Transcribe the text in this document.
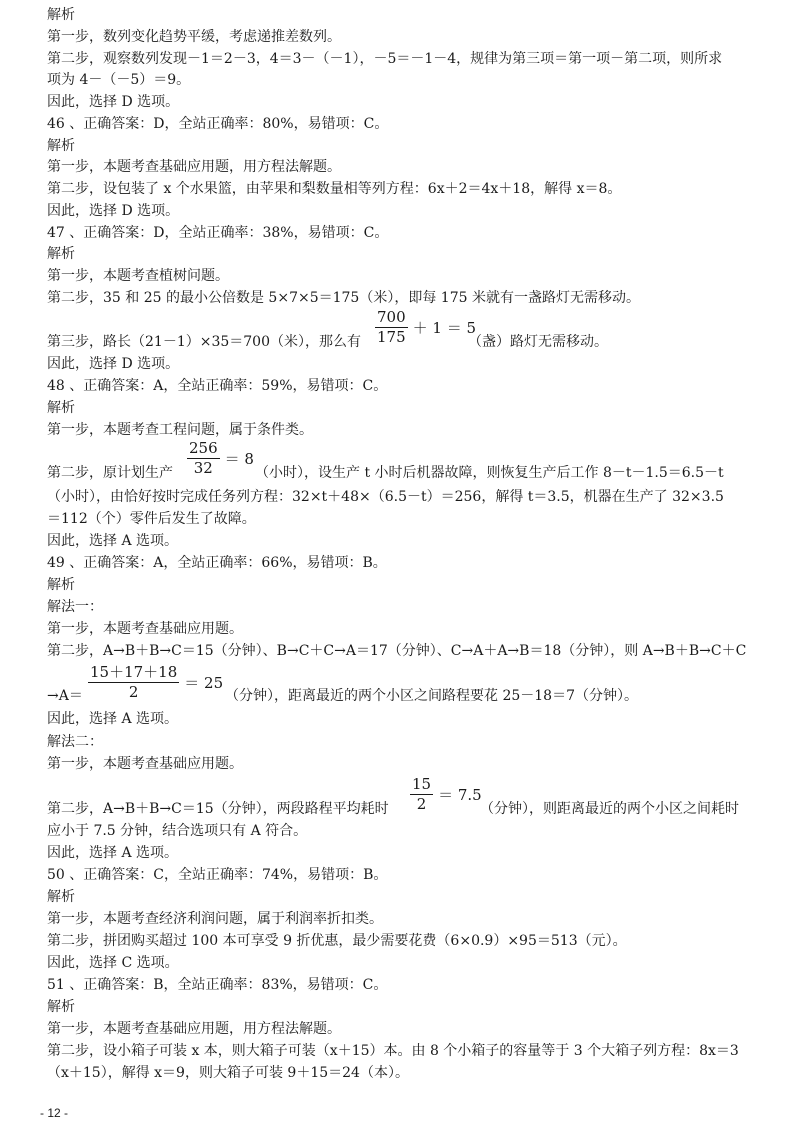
解析
第一步，数列变化趋势平缓，考虑递推差数列。
第二步，观察数列发现－1＝2－3，4＝3－（－1），－5＝－1－4，规律为第三项＝第一项－第二项，则所求
项为 4－（－5）＝9。
因此，选择 D 选项。
46 、正确答案：D，全站正确率：80%，易错项：C。
解析
第一步，本题考查基础应用题，用方程法解题。
第二步，设包装了 x 个水果篮，由苹果和梨数量相等列方程：6x＋2＝4x＋18，解得 x＝8。
因此，选择 D 选项。
47 、正确答案：D，全站正确率：38%，易错项：C。
解析
第一步，本题考查植树问题。
第二步，35 和 25 的最小公倍数是 5×7×5＝175（米），即每 175 米就有一盏路灯无需移动。
第三步，路长（21－1）×35＝700（米），那么有 $\frac{700}{175} + 1 = 5$
（盏）路灯无需移动。
因此，选择 D 选项。
48 、正确答案：A，全站正确率：59%，易错项：C。
解析
第一步，本题考查工程问题，属于条件类。
第二步，原计划生产 $\frac{256}{32} = 8$
（小时），设生产 t 小时后机器故障，则恢复生产后工作 8－t－1.5＝6.5－t
（小时），由恰好按时完成任务列方程：32×t＋48×（6.5－t）＝256，解得 t＝3.5，机器在生产了 32×3.5
＝112（个）零件后发生了故障。
因此，选择 A 选项。
49 、正确答案：A，全站正确率：66%，易错项：B。
解析
解法一：
第一步，本题考查基础应用题。
第二步，A→B＋B→C＝15（分钟）、B→C＋C→A＝17（分钟）、C→A＋A→B＝18（分钟），则 A→B＋B→C＋C
$\to A= \frac{15+17+18}{2} = 25$
（分钟），距离最近的两个小区之间路程要花 25－18＝7（分钟）。
因此，选择 A 选项。
解法二：
第一步，本题考查基础应用题。
第二步，A→B＋B→C＝15（分钟），两段路程平均耗时	$\frac{15}{2} = 7.5$
（分钟），则距离最近的两个小区之间耗时
应小于 7.5 分钟，结合选项只有 A 符合。
因此，选择 A 选项。
50 、正确答案：C，全站正确率：74%，易错项：B。
解析
第一步，本题考查经济利润问题，属于利润率折扣类。
第二步，拼团购买超过 100 本可享受 9 折优惠，最少需要花费（6×0.9）×95＝513（元）。
因此，选择 C 选项。
51 、正确答案：B，全站正确率：83%，易错项：C。
解析
第一步，本题考查基础应用题，用方程法解题。
第二步，设小箱子可装 x 本，则大箱子可装（x＋15）本。由 8 个小箱子的容量等于 3 个大箱子列方程：8x＝3
（x＋15），解得 x＝9，则大箱子可装 9＋15＝24（本）。
- 12 -
